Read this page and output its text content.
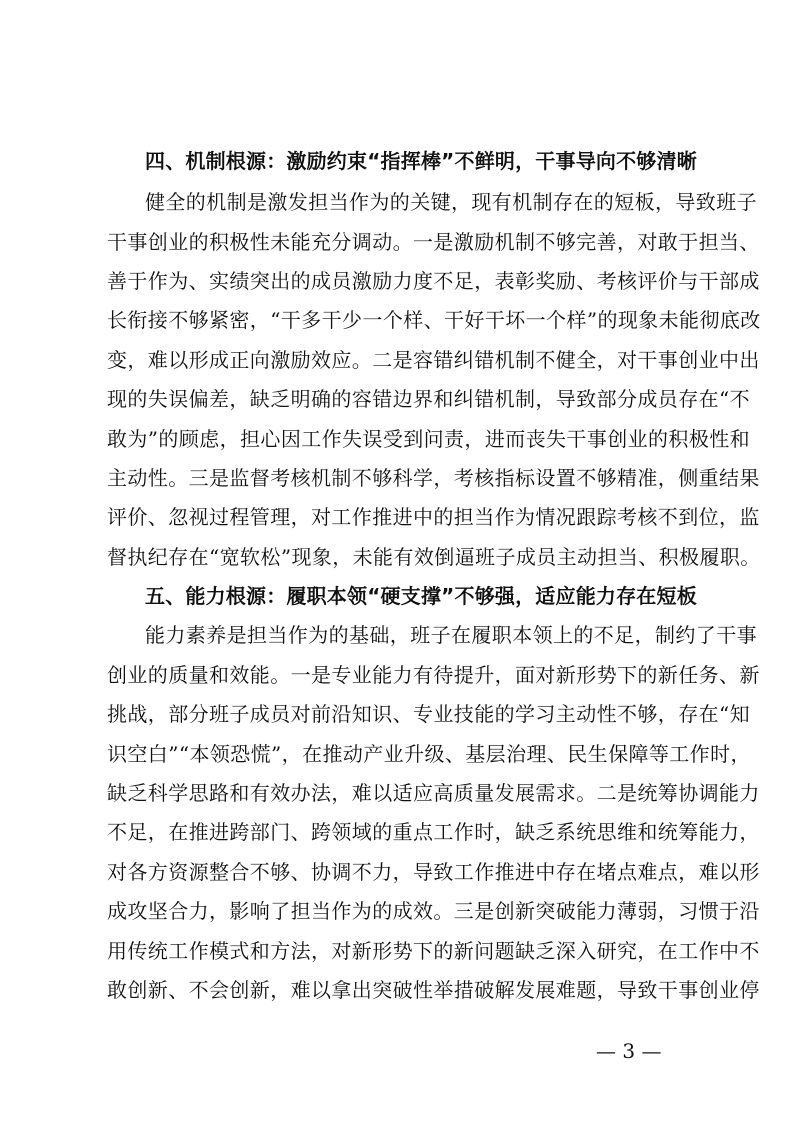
四、机制根源：激励约束“指挥棒”不鲜明，干事导向不够清晰
健全的机制是激发担当作为的关键，现有机制存在的短板，导致班子
干事创业的积极性未能充分调动。一是激励机制不够完善，对敢于担当、
善于作为、实绩突出的成员激励力度不足，表彰奖励、考核评价与干部成
长衔接不够紧密，“干多干少一个样、干好干坏一个样”的现象未能彻底改
变，难以形成正向激励效应。二是容错纠错机制不健全，对干事创业中出
现的失误偏差，缺乏明确的容错边界和纠错机制，导致部分成员存在“不
敢为”的顾虑，担心因工作失误受到问责，进而丧失干事创业的积极性和
主动性。三是监督考核机制不够科学，考核指标设置不够精准，侧重结果
评价、忽视过程管理，对工作推进中的担当作为情况跟踪考核不到位，监
督执纪存在“宽软松”现象，未能有效倒逼班子成员主动担当、积极履职。
五、能力根源：履职本领“硬支撑”不够强，适应能力存在短板
能力素养是担当作为的基础，班子在履职本领上的不足，制约了干事
创业的质量和效能。一是专业能力有待提升，面对新形势下的新任务、新
挑战，部分班子成员对前沿知识、专业技能的学习主动性不够，存在“知
识空白”“本领恐慌”，在推动产业升级、基层治理、民生保障等工作时，
缺乏科学思路和有效办法，难以适应高质量发展需求。二是统筹协调能力
不足，在推进跨部门、跨领域的重点工作时，缺乏系统思维和统筹能力，
对各方资源整合不够、协调不力，导致工作推进中存在堵点难点，难以形
成攻坚合力，影响了担当作为的成效。三是创新突破能力薄弱，习惯于沿
用传统工作模式和方法，对新形势下的新问题缺乏深入研究，在工作中不
敢创新、不会创新，难以拿出突破性举措破解发展难题，导致干事创业停
— 3 —
